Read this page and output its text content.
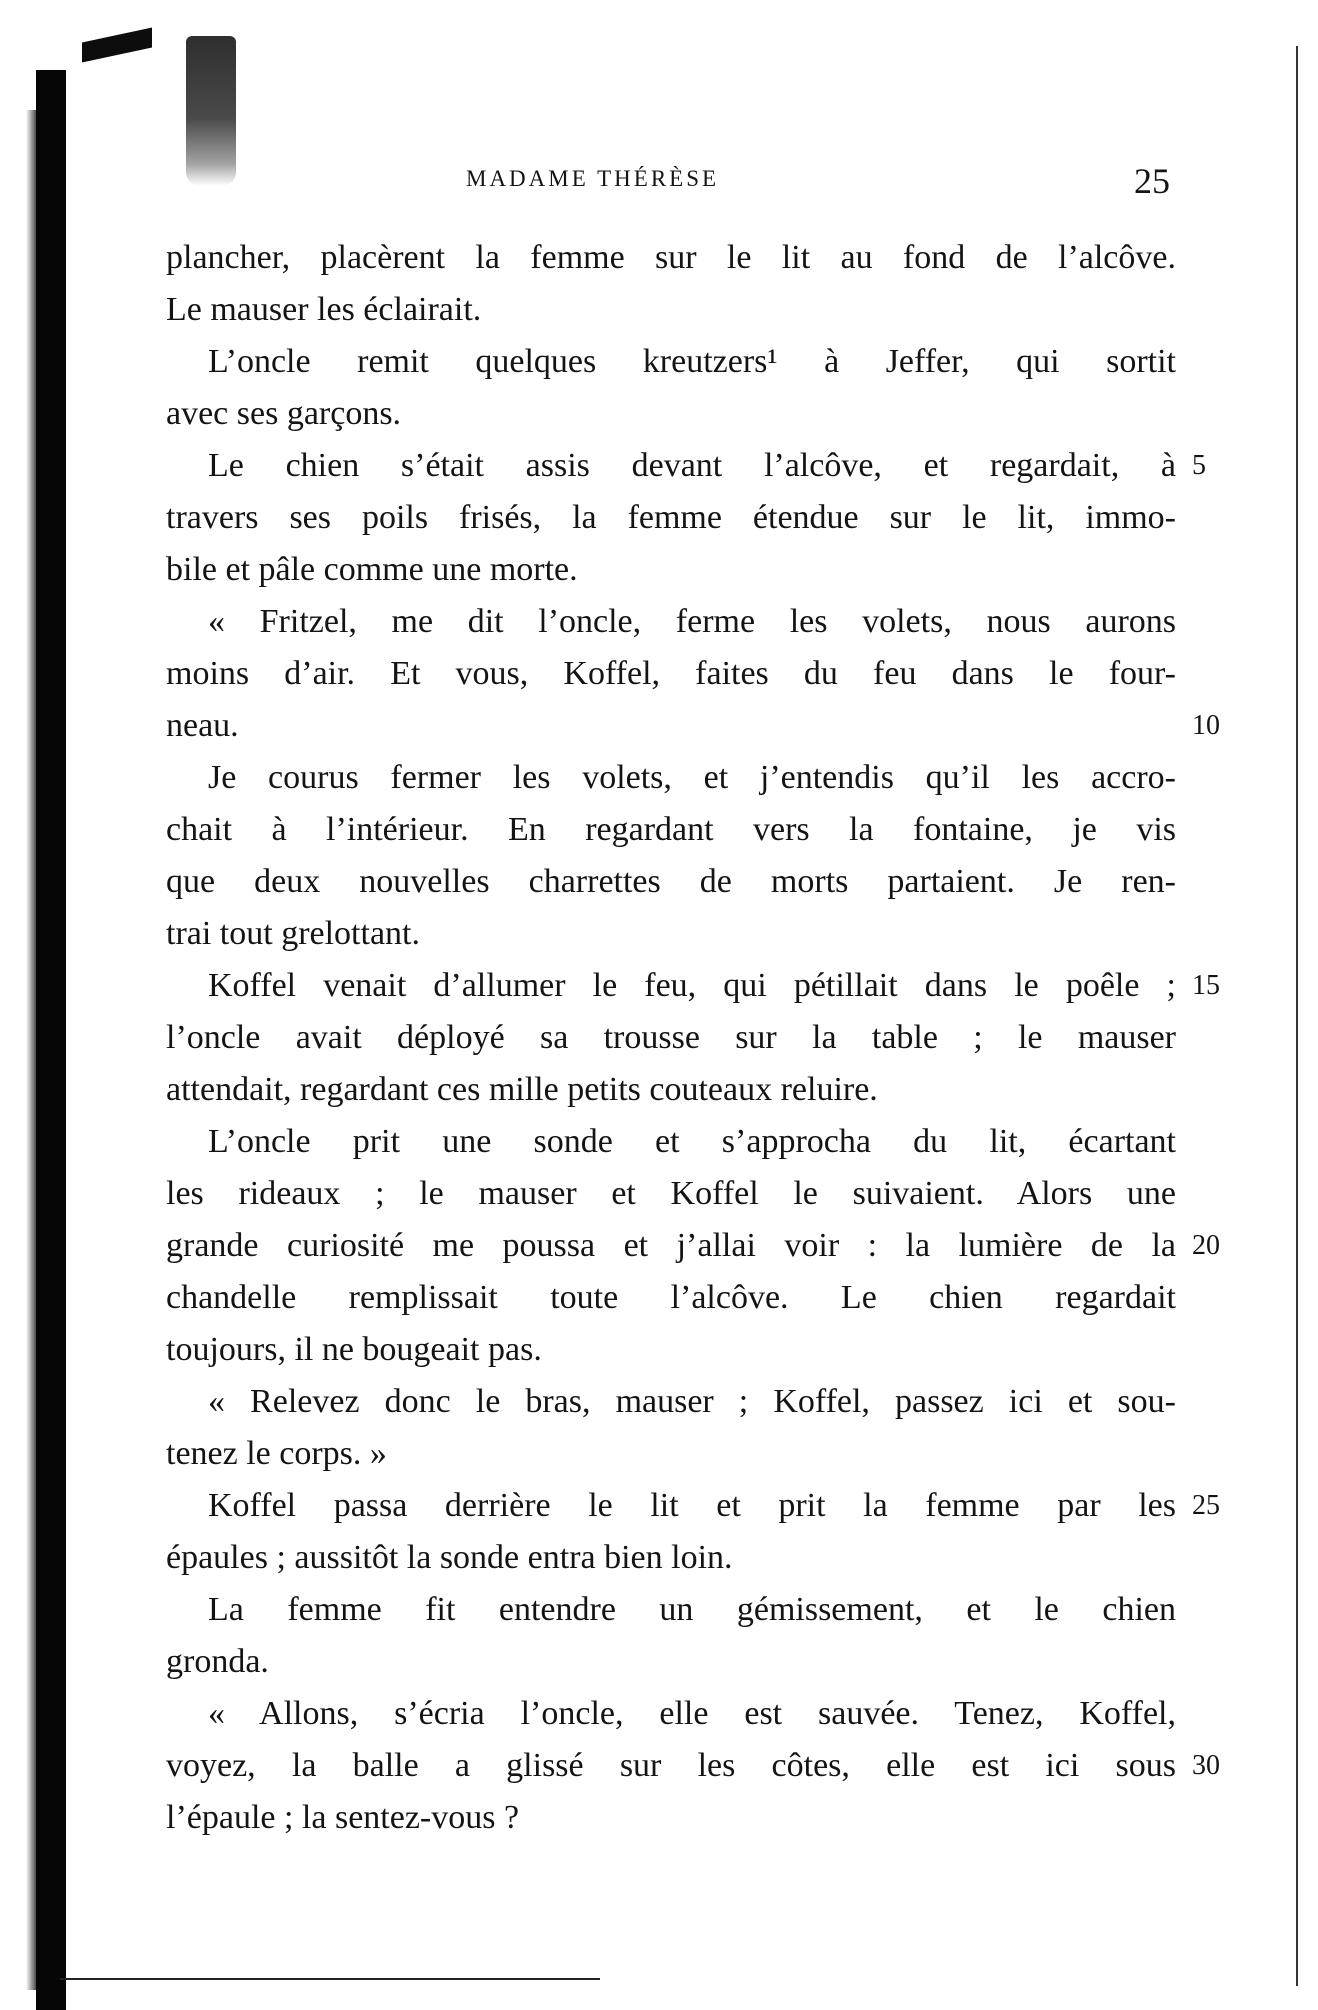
MADAME THÉRÈSE	25
plancher, placèrent la femme sur le lit au fond de l’alcôve.
Le mauser les éclairait.
L’oncle remit quelques kreutzers¹ à Jeffer, qui sortit
avec ses garçons.
Le chien s’était assis devant l’alcôve, et regardait, à 5
travers ses poils frisés, la femme étendue sur le lit, immo-
bile et pâle comme une morte.
« Fritzel, me dit l’oncle, ferme les volets, nous aurons
moins d’air. Et vous, Koffel, faites du feu dans le four-
neau.	10
Je courus fermer les volets, et j’entendis qu’il les accro-
chait à l’intérieur. En regardant vers la fontaine, je vis
que deux nouvelles charrettes de morts partaient. Je ren-
trai tout grelottant.
Koffel venait d’allumer le feu, qui pétillait dans le poêle ; 15
l’oncle avait déployé sa trousse sur la table ; le mauser
attendait, regardant ces mille petits couteaux reluire.
L’oncle prit une sonde et s’approcha du lit, écartant
les rideaux ; le mauser et Koffel le suivaient. Alors une
grande curiosité me poussa et j’allai voir : la lumière de la 20
chandelle remplissait toute l’alcôve. Le chien regardait
toujours, il ne bougeait pas.
« Relevez donc le bras, mauser ; Koffel, passez ici et sou-
tenez le corps. »
Koffel passa derrière le lit et prit la femme par les 25
épaules ; aussitôt la sonde entra bien loin.
La femme fit entendre un gémissement, et le chien
gronda.
« Allons, s’écria l’oncle, elle est sauvée. Tenez, Koffel,
voyez, la balle a glissé sur les côtes, elle est ici sous 30
l’épaule ; la sentez-vous ?
